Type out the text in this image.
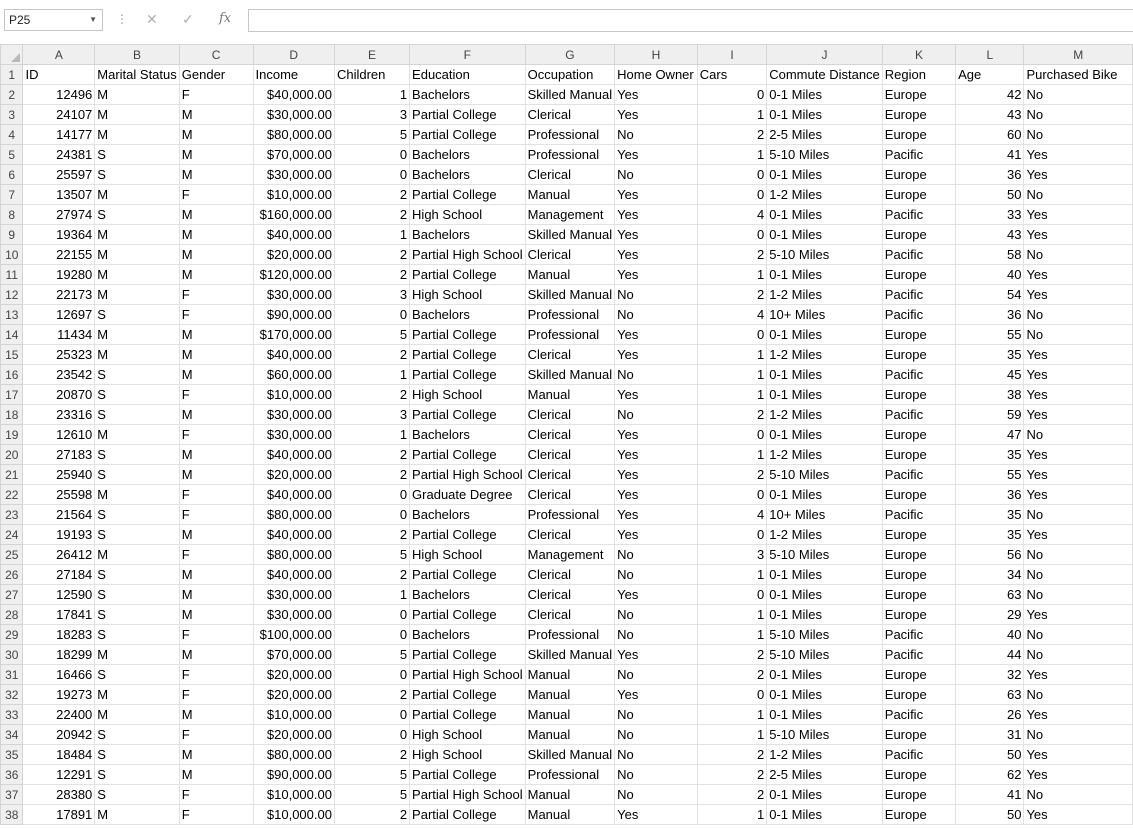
P25	▼ ⋮ ✕ ✓ fx
	A	B	C	D	E	F	G	H	I	J	K	L	M
1	ID	Marital Status	Gender	Income	Children	Education	Occupation	Home Owner	Cars	Commute Distance	Region	Age	Purchased Bike
2	12496	M	F	$40,000.00	1	Bachelors	Skilled Manual	Yes	0	0-1 Miles	Europe	42	No
3	24107	M	M	$30,000.00	3	Partial College	Clerical	Yes	1	0-1 Miles	Europe	43	No
4	14177	M	M	$80,000.00	5	Partial College	Professional	No	2	2-5 Miles	Europe	60	No
5	24381	S	M	$70,000.00	0	Bachelors	Professional	Yes	1	5-10 Miles	Pacific	41	Yes
6	25597	S	M	$30,000.00	0	Bachelors	Clerical	No	0	0-1 Miles	Europe	36	Yes
7	13507	M	F	$10,000.00	2	Partial College	Manual	Yes	0	1-2 Miles	Europe	50	No
8	27974	S	M	$160,000.00	2	High School	Management	Yes	4	0-1 Miles	Pacific	33	Yes
9	19364	M	M	$40,000.00	1	Bachelors	Skilled Manual	Yes	0	0-1 Miles	Europe	43	Yes
10	22155	M	M	$20,000.00	2	Partial High School	Clerical	Yes	2	5-10 Miles	Pacific	58	No
11	19280	M	M	$120,000.00	2	Partial College	Manual	Yes	1	0-1 Miles	Europe	40	Yes
12	22173	M	F	$30,000.00	3	High School	Skilled Manual	No	2	1-2 Miles	Pacific	54	Yes
13	12697	S	F	$90,000.00	0	Bachelors	Professional	No	4	10+ Miles	Pacific	36	No
14	11434	M	M	$170,000.00	5	Partial College	Professional	Yes	0	0-1 Miles	Europe	55	No
15	25323	M	M	$40,000.00	2	Partial College	Clerical	Yes	1	1-2 Miles	Europe	35	Yes
16	23542	S	M	$60,000.00	1	Partial College	Skilled Manual	No	1	0-1 Miles	Pacific	45	Yes
17	20870	S	F	$10,000.00	2	High School	Manual	Yes	1	0-1 Miles	Europe	38	Yes
18	23316	S	M	$30,000.00	3	Partial College	Clerical	No	2	1-2 Miles	Pacific	59	Yes
19	12610	M	F	$30,000.00	1	Bachelors	Clerical	Yes	0	0-1 Miles	Europe	47	No
20	27183	S	M	$40,000.00	2	Partial College	Clerical	Yes	1	1-2 Miles	Europe	35	Yes
21	25940	S	M	$20,000.00	2	Partial High School	Clerical	Yes	2	5-10 Miles	Pacific	55	Yes
22	25598	M	F	$40,000.00	0	Graduate Degree	Clerical	Yes	0	0-1 Miles	Europe	36	Yes
23	21564	S	F	$80,000.00	0	Bachelors	Professional	Yes	4	10+ Miles	Pacific	35	No
24	19193	S	M	$40,000.00	2	Partial College	Clerical	Yes	0	1-2 Miles	Europe	35	Yes
25	26412	M	F	$80,000.00	5	High School	Management	No	3	5-10 Miles	Europe	56	No
26	27184	S	M	$40,000.00	2	Partial College	Clerical	No	1	0-1 Miles	Europe	34	No
27	12590	S	M	$30,000.00	1	Bachelors	Clerical	Yes	0	0-1 Miles	Europe	63	No
28	17841	S	M	$30,000.00	0	Partial College	Clerical	No	1	0-1 Miles	Europe	29	Yes
29	18283	S	F	$100,000.00	0	Bachelors	Professional	No	1	5-10 Miles	Pacific	40	No
30	18299	M	M	$70,000.00	5	Partial College	Skilled Manual	Yes	2	5-10 Miles	Pacific	44	No
31	16466	S	F	$20,000.00	0	Partial High School	Manual	No	2	0-1 Miles	Europe	32	Yes
32	19273	M	F	$20,000.00	2	Partial College	Manual	Yes	0	0-1 Miles	Europe	63	No
33	22400	M	M	$10,000.00	0	Partial College	Manual	No	1	0-1 Miles	Pacific	26	Yes
34	20942	S	F	$20,000.00	0	High School	Manual	No	1	5-10 Miles	Europe	31	No
35	18484	S	M	$80,000.00	2	High School	Skilled Manual	No	2	1-2 Miles	Pacific	50	Yes
36	12291	S	M	$90,000.00	5	Partial College	Professional	No	2	2-5 Miles	Europe	62	Yes
37	28380	S	F	$10,000.00	5	Partial High School	Manual	No	2	0-1 Miles	Europe	41	No
38	17891	M	F	$10,000.00	2	Partial College	Manual	Yes	1	0-1 Miles	Europe	50	Yes
